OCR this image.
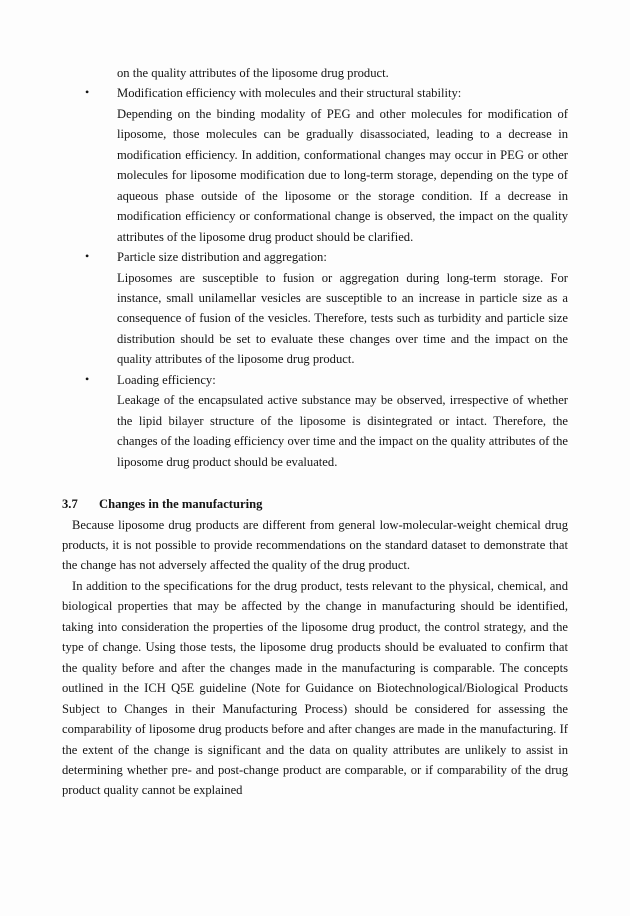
on the quality attributes of the liposome drug product.
• Modification efficiency with molecules and their structural stability:
Depending on the binding modality of PEG and other molecules for modification of liposome, those molecules can be gradually disassociated, leading to a decrease in modification efficiency. In addition, conformational changes may occur in PEG or other molecules for liposome modification due to long-term storage, depending on the type of aqueous phase outside of the liposome or the storage condition. If a decrease in modification efficiency or conformational change is observed, the impact on the quality attributes of the liposome drug product should be clarified.
• Particle size distribution and aggregation:
Liposomes are susceptible to fusion or aggregation during long-term storage. For instance, small unilamellar vesicles are susceptible to an increase in particle size as a consequence of fusion of the vesicles. Therefore, tests such as turbidity and particle size distribution should be set to evaluate these changes over time and the impact on the quality attributes of the liposome drug product.
• Loading efficiency:
Leakage of the encapsulated active substance may be observed, irrespective of whether the lipid bilayer structure of the liposome is disintegrated or intact. Therefore, the changes of the loading efficiency over time and the impact on the quality attributes of the liposome drug product should be evaluated.
3.7 Changes in the manufacturing
Because liposome drug products are different from general low-molecular-weight chemical drug products, it is not possible to provide recommendations on the standard dataset to demonstrate that the change has not adversely affected the quality of the drug product.
In addition to the specifications for the drug product, tests relevant to the physical, chemical, and biological properties that may be affected by the change in manufacturing should be identified, taking into consideration the properties of the liposome drug product, the control strategy, and the type of change. Using those tests, the liposome drug products should be evaluated to confirm that the quality before and after the changes made in the manufacturing is comparable. The concepts outlined in the ICH Q5E guideline (Note for Guidance on Biotechnological/Biological Products Subject to Changes in their Manufacturing Process) should be considered for assessing the comparability of liposome drug products before and after changes are made in the manufacturing. If the extent of the change is significant and the data on quality attributes are unlikely to assist in determining whether pre- and post-change product are comparable, or if comparability of the drug product quality cannot be explained
